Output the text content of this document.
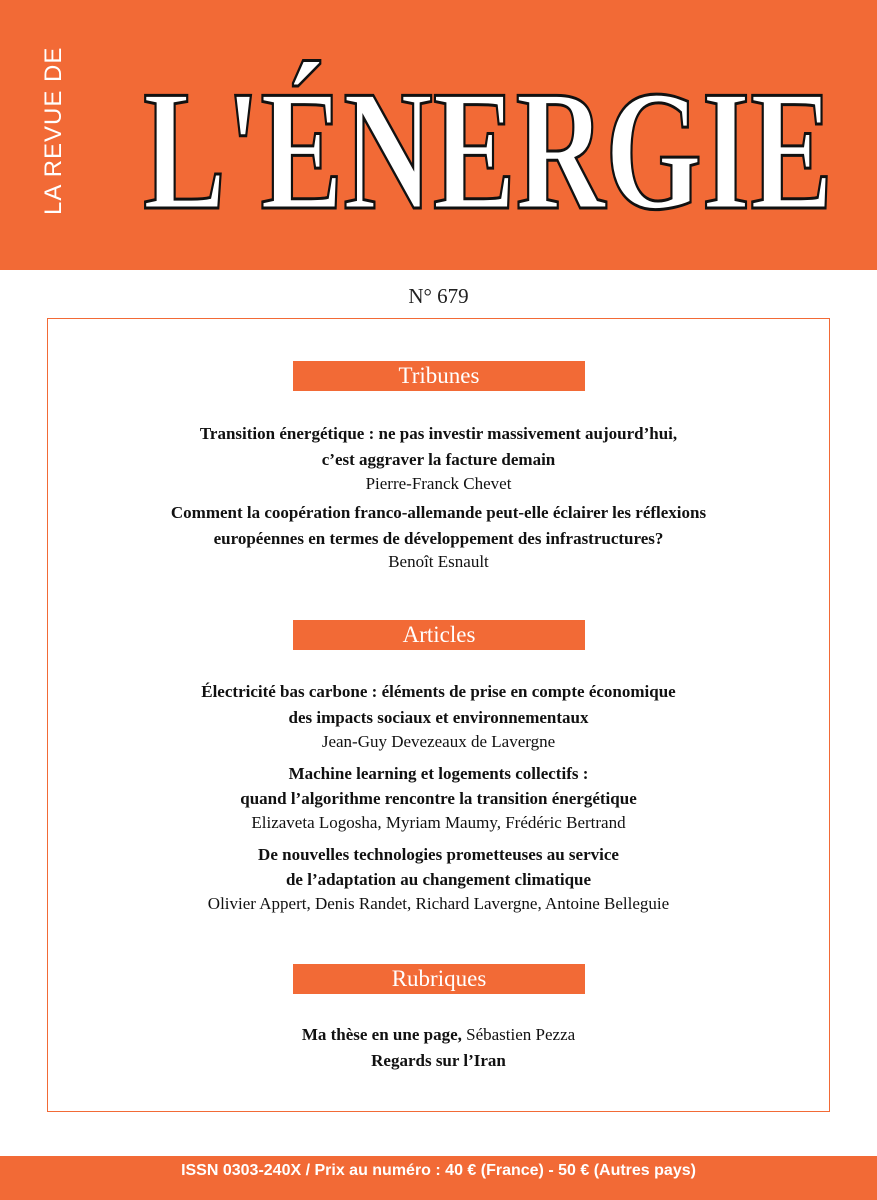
LA REVUE DE L'ÉNERGIE
N° 679
Tribunes
Transition énergétique : ne pas investir massivement aujourd’hui,
c’est aggraver la facture demain
Pierre-Franck Chevet
Comment la coopération franco-allemande peut-elle éclairer les réflexions
européennes en termes de développement des infrastructures?
Benoît Esnault
Articles
Électricité bas carbone : éléments de prise en compte économique
des impacts sociaux et environnementaux
Jean-Guy Devezeaux de Lavergne
Machine learning et logements collectifs :
quand l’algorithme rencontre la transition énergétique
Elizaveta Logosha, Myriam Maumy, Frédéric Bertrand
De nouvelles technologies prometteuses au service
de l’adaptation au changement climatique
Olivier Appert, Denis Randet, Richard Lavergne, Antoine Belleguie
Rubriques
Ma thèse en une page, Sébastien Pezza
Regards sur l’Iran
ISSN 0303-240X / Prix au numéro : 40 € (France) - 50 € (Autres pays)
